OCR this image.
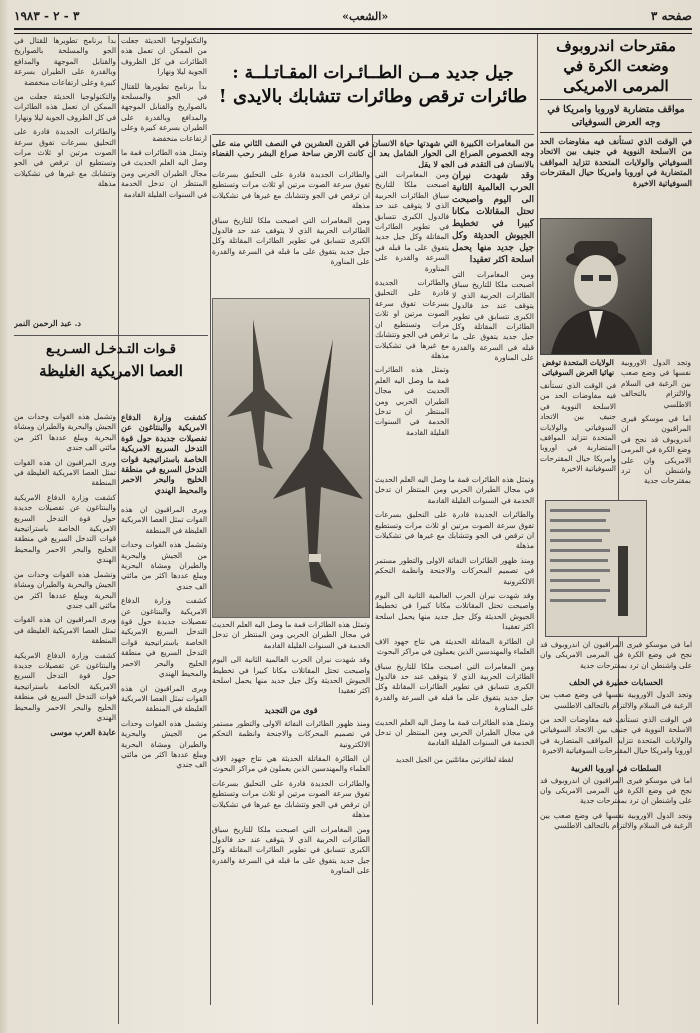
صفحه ٣
«الشعب»
٣ - ٢ - ١٩٨٣

مقترحات اندروبوف وضعت الكرة في المرمى الامريكى

مواقف متضاربة لاوروبا وامريكا في وجه العرض السوفياتى

في الوقت الذي تستأنف فيه مفاوضات الحد من الاسلحة النووية في جنيف بين الاتحاد السوفياتي والولايات المتحدة تتزايد المواقف المتضاربة في اوروبا وامريكا حيال المقترحات السوفياتية الاخيرة

وتجد الدول الاوروبية نفسها في وضع صعب بين الرغبة في السلام والالتزام بالتحالف الاطلسي

اما في موسكو فيرى المراقبون ان اندروبوف قد نجح في وضع الكرة في المرمى الامريكى وان على واشنطن ان ترد بمقترحات جدية

الولايات المتحدة توفض نهائيا العرض السوفياتى

في الوقت الذي تستأنف فيه مفاوضات الحد من الاسلحة النووية في جنيف بين الاتحاد السوفياتي والولايات المتحدة تتزايد المواقف المتضاربة في اوروبا وامريكا حيال المقترحات السوفياتية الاخيرة

اما في موسكو فيرى المراقبون ان اندروبوف قد نجح في وضع الكرة في المرمى الامريكى وان على واشنطن ان ترد بمقترحات جدية

الحسابات خطيرة في الحلف

وتجد الدول الاوروبية نفسها في وضع صعب بين الرغبة في السلام والالتزام بالتحالف الاطلسي

في الوقت الذي تستأنف فيه مفاوضات الحد من الاسلحة النووية في جنيف بين الاتحاد السوفياتي والولايات المتحدة تتزايد المواقف المتضاربة في اوروبا وامريكا حيال المقترحات السوفياتية الاخيرة

السلطات في اوروبا الغربية

اما في موسكو فيرى المراقبون ان اندروبوف قد نجح في وضع الكرة في المرمى الامريكى وان على واشنطن ان ترد بمقترحات جدية

وتجد الدول الاوروبية نفسها في وضع صعب بين الرغبة في السلام والالتزام بالتحالف الاطلسي

جيل جديد مــن الطــائـرات المقـاتـلــة :

طائرات ترقص وطائرات تتشابك بالايدى !

من المغامرات الكبيرة التي شهدتها حياة الانسان في القرن العشرين في النصف الثاني منه على وجه الخصوص الصراع الى الحوار الشامل بعد ان كانت الارض ساحة صراع البشر رحب الفضاء بالانسان في التقدم في الجو لا يقل

وقد شهدت نيران الحرب العالمية الثانية الى اليوم واصبحت تحتل المقاتلات مكانا كبيرا في تخطيط الجيوش الحديثة وكل جيل جديد منها يحمل اسلحة اكثر تعقيدا

ومن المغامرات التي اصبحت ملكا للتاريخ سباق الطائرات الحربية الذي لا يتوقف عند حد فالدول الكبرى تتسابق في تطوير الطائرات المقاتلة وكل جيل جديد يتفوق على ما قبله في السرعة والقدرة على المناورة

ومن المغامرات التي اصبحت ملكا للتاريخ سباق الطائرات الحربية الذي لا يتوقف عند حد فالدول الكبرى تتسابق في تطوير الطائرات المقاتلة وكل جيل جديد يتفوق على ما قبله في السرعة والقدرة على المناورة

والطائرات الجديدة قادرة على التحليق بسرعات تفوق سرعة الصوت مرتين او ثلاث مرات وتستطيع ان ترقص في الجو وتتشابك مع غيرها في تشكيلات مذهلة

وتمثل هذه الطائرات قمة ما وصل اليه العلم الحديث في مجال الطيران الحربي ومن المنتظر ان تدخل الخدمة في السنوات القليلة القادمة

والطائرات الجديدة قادرة على التحليق بسرعات تفوق سرعة الصوت مرتين او ثلاث مرات وتستطيع ان ترقص في الجو وتتشابك مع غيرها في تشكيلات مذهلة

ومن المغامرات التي اصبحت ملكا للتاريخ سباق الطائرات الحربية الذي لا يتوقف عند حد فالدول الكبرى تتسابق في تطوير الطائرات المقاتلة وكل جيل جديد يتفوق على ما قبله في السرعة والقدرة على المناورة

وتمثل هذه الطائرات قمة ما وصل اليه العلم الحديث في مجال الطيران الحربي ومن المنتظر ان تدخل الخدمة في السنوات القليلة القادمة

وقد شهدت نيران الحرب العالمية الثانية الى اليوم واصبحت تحتل المقاتلات مكانا كبيرا في تخطيط الجيوش الحديثة وكل جيل جديد منها يحمل اسلحة اكثر تعقيدا

قوى من التجديد

ومنذ ظهور الطائرات النفاثة الاولى والتطور مستمر في تصميم المحركات والاجنحة وانظمة التحكم الالكترونية

ان الطائرة المقاتلة الحديثة هي نتاج جهود الاف العلماء والمهندسين الذين يعملون في مراكز البحوث

والطائرات الجديدة قادرة على التحليق بسرعات تفوق سرعة الصوت مرتين او ثلاث مرات وتستطيع ان ترقص في الجو وتتشابك مع غيرها في تشكيلات مذهلة

ومن المغامرات التي اصبحت ملكا للتاريخ سباق الطائرات الحربية الذي لا يتوقف عند حد فالدول الكبرى تتسابق في تطوير الطائرات المقاتلة وكل جيل جديد يتفوق على ما قبله في السرعة والقدرة على المناورة

وتمثل هذه الطائرات قمة ما وصل اليه العلم الحديث في مجال الطيران الحربي ومن المنتظر ان تدخل الخدمة في السنوات القليلة القادمة

والطائرات الجديدة قادرة على التحليق بسرعات تفوق سرعة الصوت مرتين او ثلاث مرات وتستطيع ان ترقص في الجو وتتشابك مع غيرها في تشكيلات مذهلة

ومنذ ظهور الطائرات النفاثة الاولى والتطور مستمر في تصميم المحركات والاجنحة وانظمة التحكم الالكترونية

وقد شهدت نيران الحرب العالمية الثانية الى اليوم واصبحت تحتل المقاتلات مكانا كبيرا في تخطيط الجيوش الحديثة وكل جيل جديد منها يحمل اسلحة اكثر تعقيدا

ان الطائرة المقاتلة الحديثة هي نتاج جهود الاف العلماء والمهندسين الذين يعملون في مراكز البحوث

ومن المغامرات التي اصبحت ملكا للتاريخ سباق الطائرات الحربية الذي لا يتوقف عند حد فالدول الكبرى تتسابق في تطوير الطائرات المقاتلة وكل جيل جديد يتفوق على ما قبله في السرعة والقدرة على المناورة

وتمثل هذه الطائرات قمة ما وصل اليه العلم الحديث في مجال الطيران الحربي ومن المنتظر ان تدخل الخدمة في السنوات القليلة القادمة

لقطة لطائرتين مقاتلتين من الجيل الجديد

بدأ برنامج تطويرها للقتال في الجو والمسلحة بالصواريخ والقنابل الموجهة والمدافع وبالقدرة على الطيران بسرعة كبيرة وعلى ارتفاعات منخفضة

والتكنولوجيا الحديثة جعلت من الممكن ان تعمل هذه الطائرات في كل الظروف الجوية ليلا ونهارا

والطائرات الجديدة قادرة على التحليق بسرعات تفوق سرعة الصوت مرتين او ثلاث مرات وتستطيع ان ترقص في الجو وتتشابك مع غيرها في تشكيلات مذهلة

والتكنولوجيا الحديثة جعلت من الممكن ان تعمل هذه الطائرات في كل الظروف الجوية ليلا ونهارا

بدأ برنامج تطويرها للقتال في الجو والمسلحة بالصواريخ والقنابل الموجهة والمدافع وبالقدرة على الطيران بسرعة كبيرة وعلى ارتفاعات منخفضة

وتمثل هذه الطائرات قمة ما وصل اليه العلم الحديث في مجال الطيران الحربي ومن المنتظر ان تدخل الخدمة في السنوات القليلة القادمة

د. عبد الرحمن النمر

قـوات التـدخـل السـريـع

العصا الامريكية الغليظة

كشفت وزارة الدفاع الامريكية والبنتاغون عن تفصيلات جديدة حول قوة التدخل السريع الامريكية الخاصة باستراتيجية قوات التدخل السريع في منطقة الخليج والبحر الاحمر والمحيط الهندي

وتشمل هذه القوات وحدات من الجيش والبحرية والطيران ومشاة البحرية ويبلغ عددها اكثر من مائتي الف جندي

ويرى المراقبون ان هذه القوات تمثل العصا الامريكية الغليظة في المنطقة

كشفت وزارة الدفاع الامريكية والبنتاغون عن تفصيلات جديدة حول قوة التدخل السريع الامريكية الخاصة باستراتيجية قوات التدخل السريع في منطقة الخليج والبحر الاحمر والمحيط الهندي

وتشمل هذه القوات وحدات من الجيش والبحرية والطيران ومشاة البحرية ويبلغ عددها اكثر من مائتي الف جندي

ويرى المراقبون ان هذه القوات تمثل العصا الامريكية الغليظة في المنطقة

كشفت وزارة الدفاع الامريكية والبنتاغون عن تفصيلات جديدة حول قوة التدخل السريع الامريكية الخاصة باستراتيجية قوات التدخل السريع في منطقة الخليج والبحر الاحمر والمحيط الهندي

عابدة العرب موسى

ويرى المراقبون ان هذه القوات تمثل العصا الامريكية الغليظة في المنطقة

وتشمل هذه القوات وحدات من الجيش والبحرية والطيران ومشاة البحرية ويبلغ عددها اكثر من مائتي الف جندي

كشفت وزارة الدفاع الامريكية والبنتاغون عن تفصيلات جديدة حول قوة التدخل السريع الامريكية الخاصة باستراتيجية قوات التدخل السريع في منطقة الخليج والبحر الاحمر والمحيط الهندي

ويرى المراقبون ان هذه القوات تمثل العصا الامريكية الغليظة في المنطقة

وتشمل هذه القوات وحدات من الجيش والبحرية والطيران ومشاة البحرية ويبلغ عددها اكثر من مائتي الف جندي
